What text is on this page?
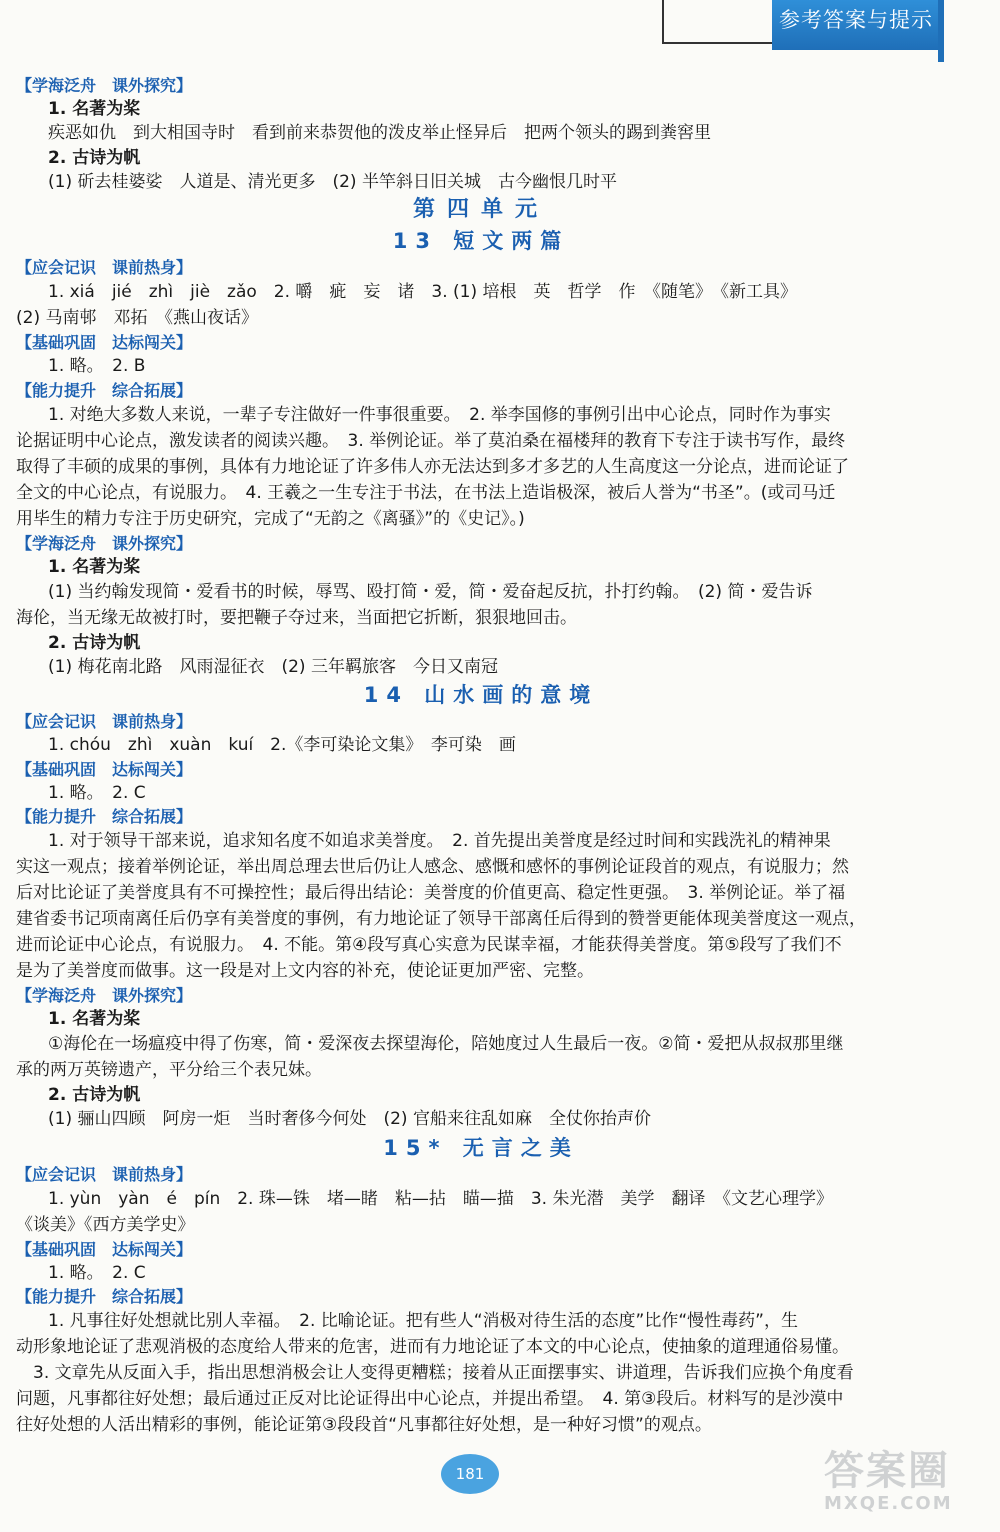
参考答案与提示
【学海泛舟　课外探究】
1. 名著为桨
疾恶如仇　到大相国寺时　看到前来恭贺他的泼皮举止怪异后　把两个领头的踢到粪窖里
2. 古诗为帆
(1) 斫去桂婆娑　人道是、清光更多　(2) 半竿斜日旧关城　古今幽恨几时平
第四单元
13 短文两篇
【应会记识　课前热身】
1. xiá　jié　zhì　jiè　zǎo　2. 嚼　疵　妄　诸　3. (1) 培根　英　哲学　作　《随笔》　《新工具》
(2) 马南邨　邓拓　《燕山夜话》
【基础巩固　达标闯关】
1. 略。　2. B
【能力提升　综合拓展】
1. 对绝大多数人来说，一辈子专注做好一件事很重要。　2. 举李国修的事例引出中心论点，同时作为事实
论据证明中心论点，激发读者的阅读兴趣。　3. 举例论证。举了莫泊桑在福楼拜的教育下专注于读书写作，最终
取得了丰硕的成果的事例，具体有力地论证了许多伟人亦无法达到多才多艺的人生高度这一分论点，进而论证了
全文的中心论点，有说服力。　4. 王羲之一生专注于书法，在书法上造诣极深，被后人誉为“书圣”。(或司马迁
用毕生的精力专注于历史研究，完成了“无韵之《离骚》”的《史记》。)
【学海泛舟　课外探究】
1. 名著为桨
(1) 当约翰发现简・爱看书的时候，辱骂、殴打简・爱，简・爱奋起反抗，扑打约翰。　(2) 简・爱告诉
海伦，当无缘无故被打时，要把鞭子夺过来，当面把它折断，狠狠地回击。
2. 古诗为帆
(1) 梅花南北路　风雨湿征衣　(2) 三年羁旅客　今日又南冠
14 山水画的意境
【应会记识　课前热身】
1. chóu　zhì　xuàn　kuí　2.《李可染论文集》　李可染　画
【基础巩固　达标闯关】
1. 略。　2. C
【能力提升　综合拓展】
1. 对于领导干部来说，追求知名度不如追求美誉度。　2. 首先提出美誉度是经过时间和实践洗礼的精神果
实这一观点；接着举例论证，举出周总理去世后仍让人感念、感慨和感怀的事例论证段首的观点，有说服力；然
后对比论证了美誉度具有不可操控性；最后得出结论：美誉度的价值更高、稳定性更强。　3. 举例论证。举了福
建省委书记项南离任后仍享有美誉度的事例，有力地论证了领导干部离任后得到的赞誉更能体现美誉度这一观点，
进而论证中心论点，有说服力。　4. 不能。第④段写真心实意为民谋幸福，才能获得美誉度。第⑤段写了我们不
是为了美誉度而做事。这一段是对上文内容的补充，使论证更加严密、完整。
【学海泛舟　课外探究】
1. 名著为桨
①海伦在一场瘟疫中得了伤寒，简・爱深夜去探望海伦，陪她度过人生最后一夜。②简・爱把从叔叔那里继
承的两万英镑遗产，平分给三个表兄妹。
2. 古诗为帆
(1) 骊山四顾　阿房一炬　当时奢侈今何处　(2) 官船来往乱如麻　全仗你抬声价
15* 无言之美
【应会记识　课前热身】
1. yùn　yàn　é　pín　2. 珠—铢　堵—睹　粘—拈　瞄—描　3. 朱光潜　美学　翻译　《文艺心理学》
《谈美》《西方美学史》
【基础巩固　达标闯关】
1. 略。　2. C
【能力提升　综合拓展】
1. 凡事往好处想就比别人幸福。　2. 比喻论证。把有些人“消极对待生活的态度”比作“慢性毒药”，生
动形象地论证了悲观消极的态度给人带来的危害，进而有力地论证了本文的中心论点，使抽象的道理通俗易懂。
　3. 文章先从反面入手，指出思想消极会让人变得更糟糕；接着从正面摆事实、讲道理，告诉我们应换个角度看
问题，凡事都往好处想；最后通过正反对比论证得出中心论点，并提出希望。　4. 第③段后。材料写的是沙漠中
往好处想的人活出精彩的事例，能论证第③段段首“凡事都往好处想，是一种好习惯”的观点。
181	答案圈
MXQE.COM
